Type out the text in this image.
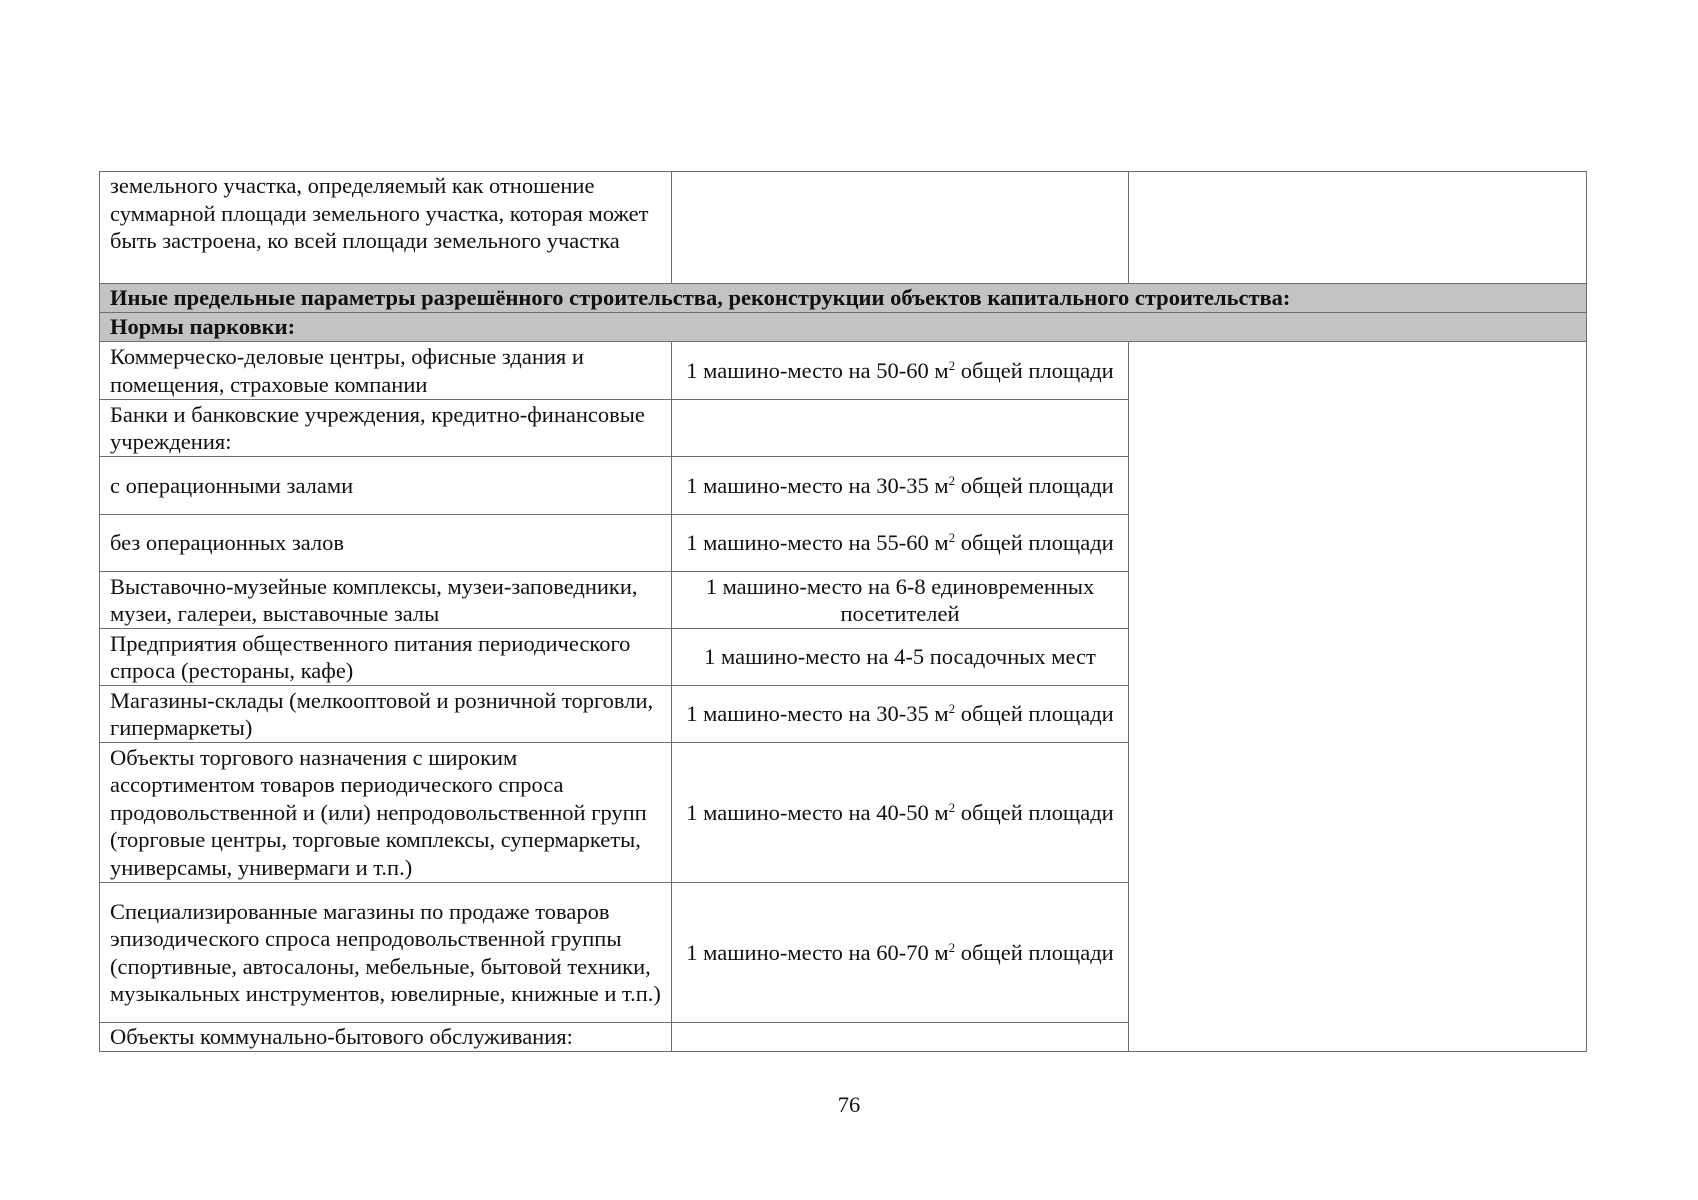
земельного участка, определяемый как отношение суммарной площади земельного участка, которая может быть застроена, ко всей площади земельного участка		
Иные предельные параметры разрешённого строительства, реконструкции объектов капитального строительства:		
Нормы парковки:		
Коммерческо-деловые центры, офисные здания и помещения, страховые компании	1 машино-место на 50-60 $м^2$ общей площади	
Банки и банковские учреждения, кредитно-финансовые учреждения:		
с операционными залами	1 машино-место на 30-35 $м^2$ общей площади	
без операционных залов	1 машино-место на 55-60 $м^2$ общей площади	
Выставочно-музейные комплексы, музеи-заповедники, музеи, галереи, выставочные залы	1 машино-место на 6-8 единовременных посетителей	
Предприятия общественного питания периодического спроса (рестораны, кафе)	1 машино-место на 4-5 посадочных мест	
Магазины-склады (мелкооптовой и розничной торговли, гипермаркеты)	1 машино-место на 30-35 $м^2$ общей площади	
Объекты торгового назначения с широким ассортиментом товаров периодического спроса продовольственной и (или) непродовольственной групп (торговые центры, торговые комплексы, супермаркеты, универсамы, универмаги и т.п.)	1 машино-место на 40-50 $м^2$ общей площади	
Специализированные магазины по продаже товаров эпизодического спроса непродовольственной группы (спортивные, автосалоны, мебельные, бытовой техники, музыкальных инструментов, ювелирные, книжные и т.п.)	1 машино-место на 60-70 $м^2$ общей площади	
Объекты коммунально-бытового обслуживания:		
76
